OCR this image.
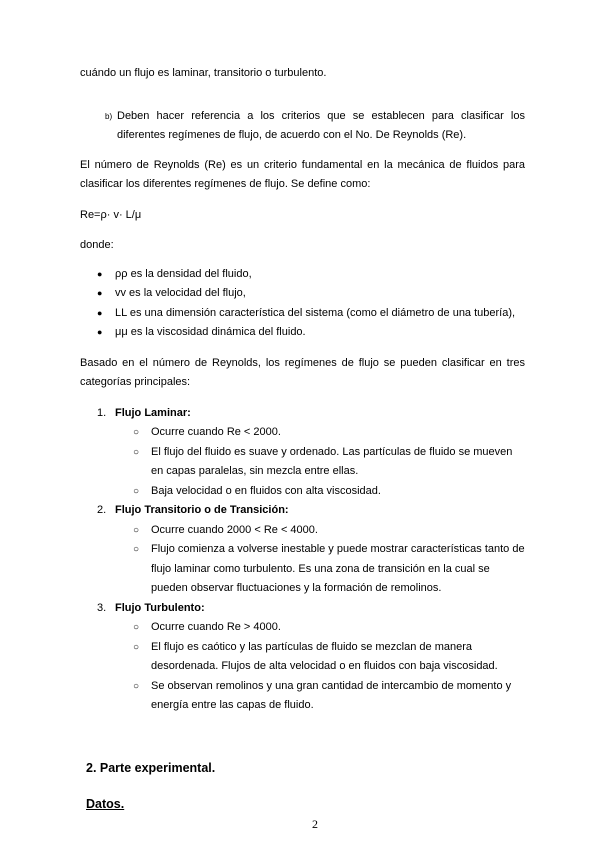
cuándo un flujo es laminar, transitorio o turbulento.

b) Deben hacer referencia a los criterios que se establecen para clasificar los diferentes regímenes de flujo, de acuerdo con el No. De Reynolds (Re).

El número de Reynolds (Re) es un criterio fundamental en la mecánica de fluidos para clasificar los diferentes regímenes de flujo. Se define como:

Re=ρ· v· L/μ

donde:

● ρρ es la densidad del fluido,
● vv es la velocidad del flujo,
● LL es una dimensión característica del sistema (como el diámetro de una tubería),
● μμ es la viscosidad dinámica del fluido.

Basado en el número de Reynolds, los regímenes de flujo se pueden clasificar en tres categorías principales:

1. Flujo Laminar:
○ Ocurre cuando Re < 2000.
○ El flujo del fluido es suave y ordenado. Las partículas de fluido se mueven en capas paralelas, sin mezcla entre ellas.
○ Baja velocidad o en fluidos con alta viscosidad.
2. Flujo Transitorio o de Transición:
○ Ocurre cuando 2000 < Re < 4000.
○ Flujo comienza a volverse inestable y puede mostrar características tanto de flujo laminar como turbulento. Es una zona de transición en la cual se pueden observar fluctuaciones y la formación de remolinos.
3. Flujo Turbulento:
○ Ocurre cuando Re > 4000.
○ El flujo es caótico y las partículas de fluido se mezclan de manera desordenada. Flujos de alta velocidad o en fluidos con baja viscosidad.
○ Se observan remolinos y una gran cantidad de intercambio de momento y energía entre las capas de fluido.
2. Parte experimental.
Datos.
2
